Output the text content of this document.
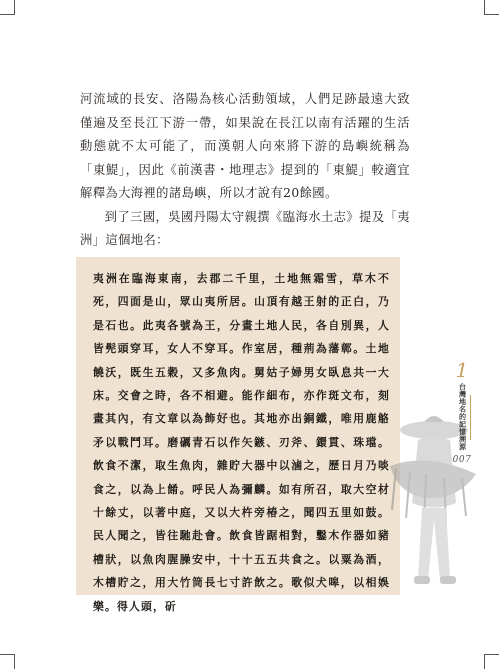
河流域的長安、洛陽為核心活動領域，人們足跡最遠大致僅遍及至長江下游一帶，如果說在長江以南有活躍的生活動態就不太可能了，而漢朝人向來將下游的島嶼統稱為「東鯷」，因此《前漢書・地理志》提到的「東鯷」較適宜解釋為大海裡的諸島嶼，所以才說有20餘國。

到了三國，吳國丹陽太守親撰《臨海水土志》提及「夷洲」這個地名：

夷洲在臨海東南，去郡二千里，土地無霜雪，草木不死，四面是山，眾山夷所居。山頂有越王射的正白，乃是石也。此夷各號為王，分畫土地人民，各自別異，人皆髡頭穿耳，女人不穿耳。作室居，種荊為藩鄣。土地饒沃，既生五穀，又多魚肉。舅姑子婦男女臥息共一大床。交會之時，各不相避。能作細布，亦作斑文布，刻畫其內，有文章以為飾好也。其地亦出銅鐵，唯用鹿觡矛以戰鬥耳。磨礪青石以作矢鏃、刃斧、鐶貫、珠璫。飲食不潔，取生魚肉，雜貯大器中以滷之，歷日月乃啖食之，以為上餚。呼民人為彌麟。如有所召，取大空材十餘丈，以著中庭，又以大杵旁椿之，聞四五里如鼓。民人聞之，皆往馳赴會。飲食皆踞相對，鑿木作器如豬槽狀，以魚肉腥臊安中，十十五五共食之。以粟為酒，木槽貯之，用大竹筒長七寸許飲之。歌似犬嗥，以相娛樂。得人頭，斫
1
台灣地名的記憶溯源
007
